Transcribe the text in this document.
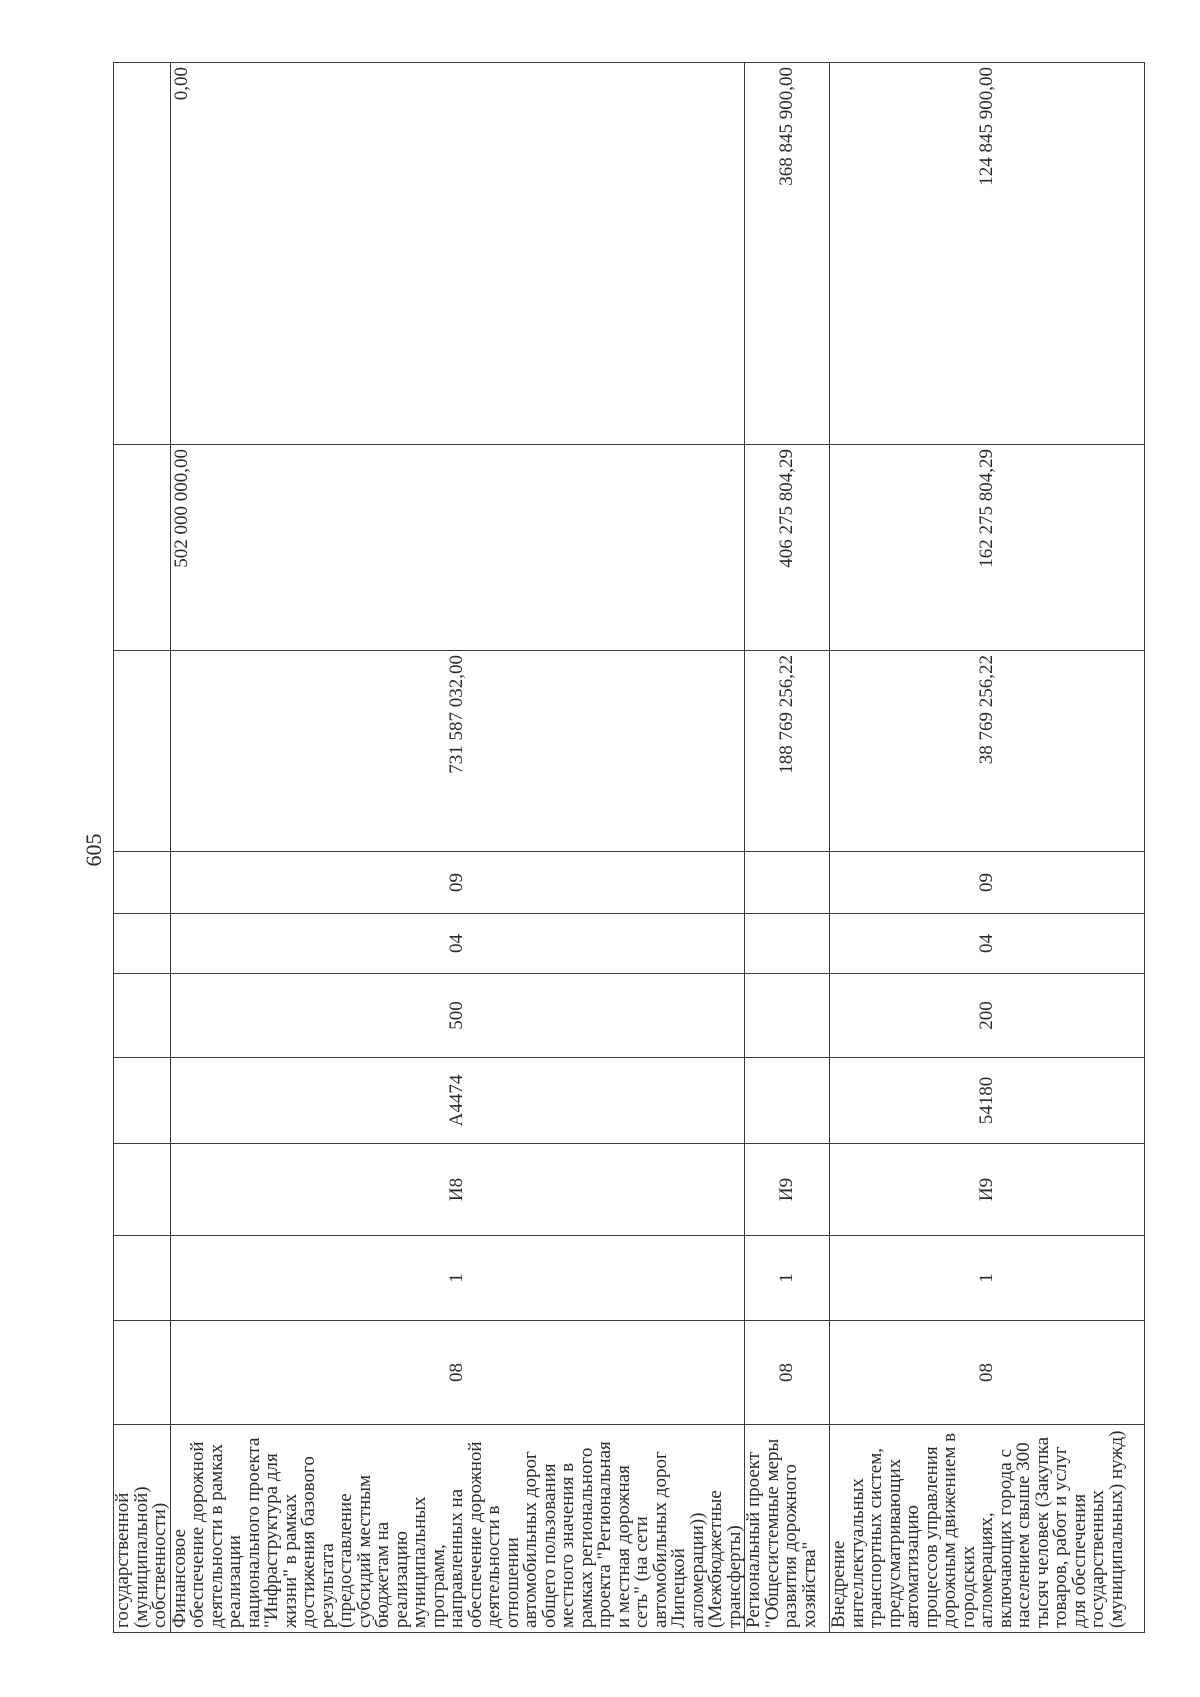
605
государственной (муниципальной) собственности)										
Финансовое обеспечение дорожной деятельности в рамках реализации национального проекта "Инфраструктура для жизни" в рамках достижения базового результата (предоставление субсидий местным бюджетам на реализацию муниципальных программ, направленных на обеспечение дорожной деятельности в отношении автомобильных дорог общего пользования местного значения в рамках регионального проекта "Региональная и местная дорожная сеть" (на сети автомобильных дорог Липецкой агломерации)) (Межбюджетные трансферты)	08	1	И8	A4474	500	04	09	731 587 032,00	502 000 000,00	0,00
Региональный проект "Общесистемные меры развития дорожного хозяйства"	08	1	И9					188 769 256,22	406 275 804,29	368 845 900,00
Внедрение интеллектуальных транспортных систем, предусматривающих автоматизацию процессов управления дорожным движением в городских агломерациях, включающих города с населением свыше 300 тысяч человек (Закупка товаров, работ и услуг для обеспечения государственных (муниципальных) нужд)	08	1	И9	54180	200	04	09	38 769 256,22	162 275 804,29	124 845 900,00
